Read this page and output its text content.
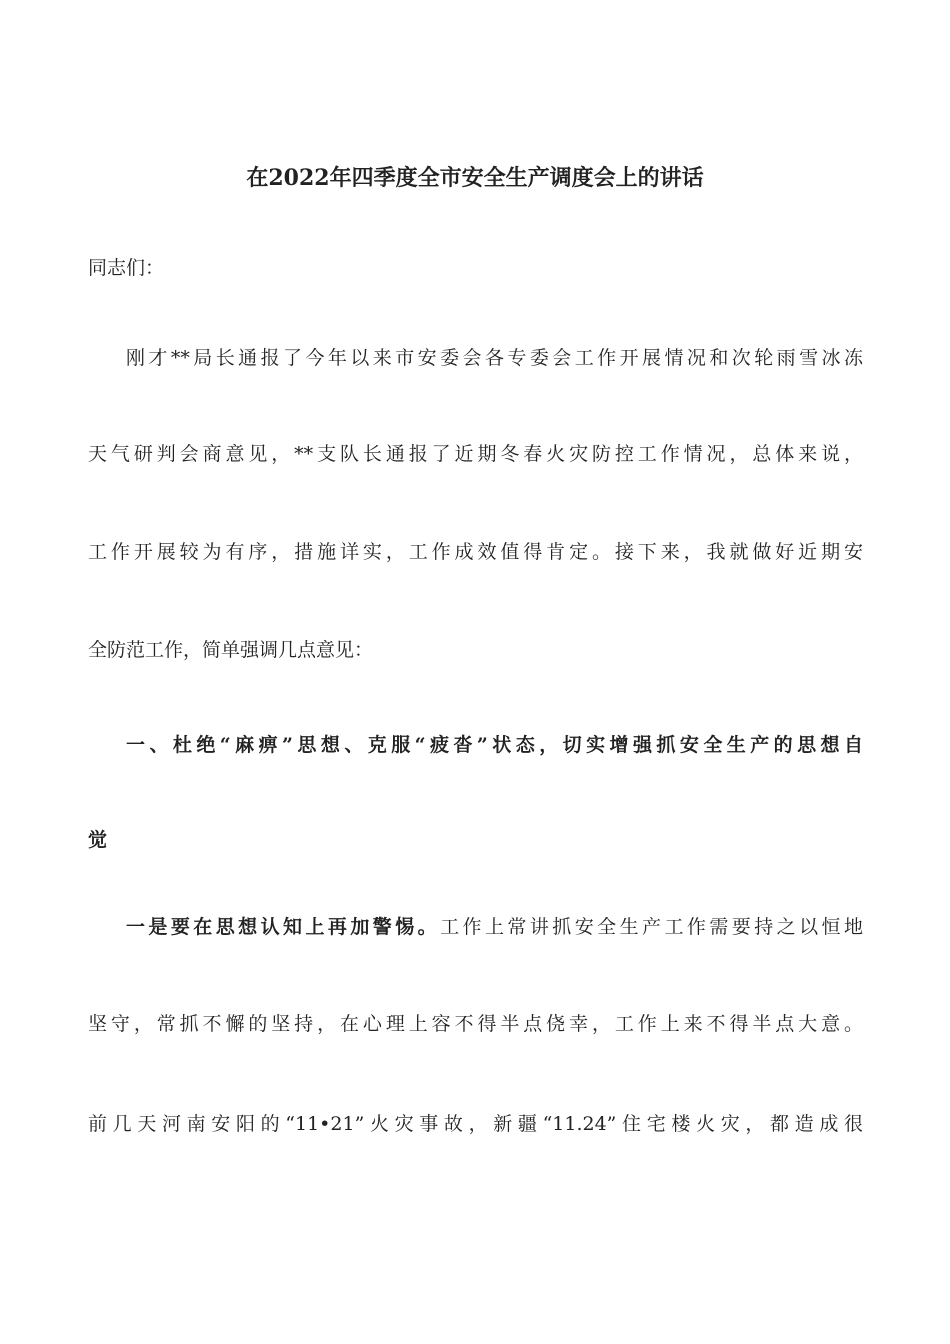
在2022年四季度全市安全生产调度会上的讲话
同志们：
刚才**局长通报了今年以来市安委会各专委会工作开展情况和次轮雨雪冰冻
天气研判会商意见，**支队长通报了近期冬春火灾防控工作情况，总体来说，
工作开展较为有序，措施详实，工作成效值得肯定。接下来，我就做好近期安
全防范工作，简单强调几点意见：
一、杜绝“麻痹”思想、克服“疲沓”状态，切实增强抓安全生产的思想自
觉
一是要在思想认知上再加警惕。工作上常讲抓安全生产工作需要持之以恒地
坚守，常抓不懈的坚持，在心理上容不得半点侥幸，工作上来不得半点大意。
前几天河南安阳的“11•21”火灾事故，新疆“11.24”住宅楼火灾，都造成很
